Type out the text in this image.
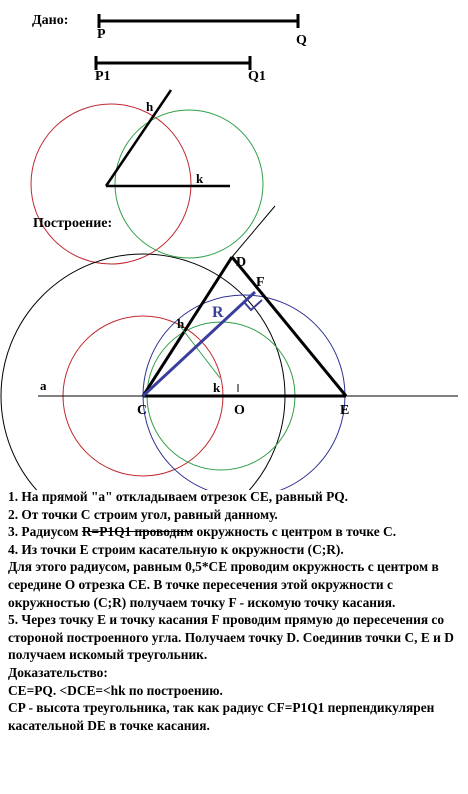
Дано:
P	Q
P1	Q1
h
k
Построение:
a
D
F
R
h
k
C	O	E

1. На прямой "а" откладываем отрезок CE, равный PQ.

2. От точки C строим угол, равный данному.

3. Радиусом R=P1Q1 проводим окружность с центром в точке C.

4. Из точки E строим касательную к окружности (C;R).

Для этого радиусом, равным 0,5*CE проводим окружность с центром в середине O отрезка CE. В точке пересечения этой окружности с окружностью (C;R) получаем точку F - искомую точку касания.

5. Через точку E и точку касания F проводим прямую до пересечения со стороной построенного угла. Получаем точку D. Соединив точки C, E и D получаем искомый треугольник.

Доказательство:

CE=PQ. <DCE=<hk по построению.

CP - высота треугольника, так как радиус CF=P1Q1 перпендикулярен касательной DE в точке касания.
